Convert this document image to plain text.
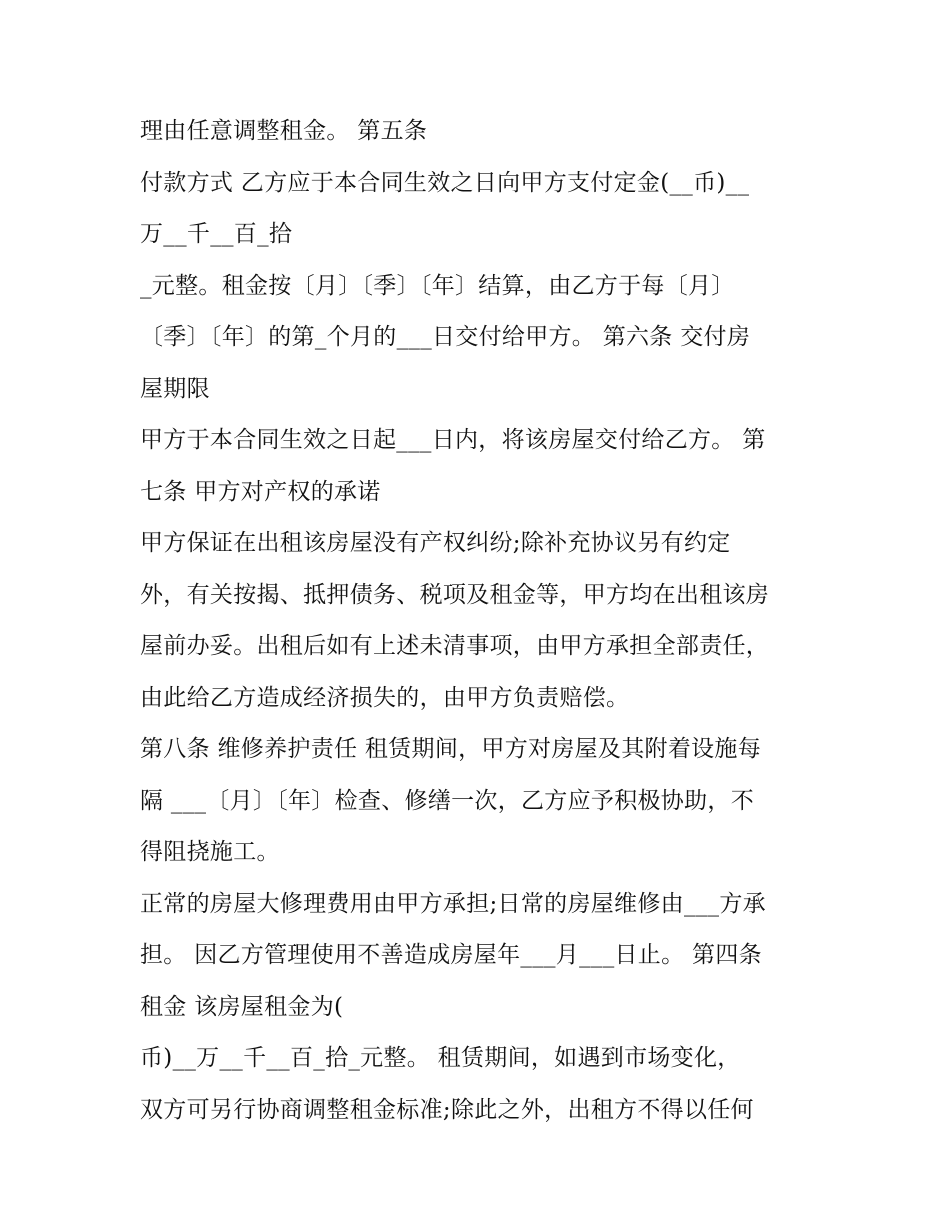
理由任意调整租金。 第五条
付款方式 乙方应于本合同生效之日向甲方支付定金(__币)__
万__千__百_拾
_元整。租金按〔月〕〔季〕〔年〕结算，由乙方于每〔月〕
〔季〕〔年〕的第_个月的___日交付给甲方。 第六条 交付房
屋期限
甲方于本合同生效之日起___日内，将该房屋交付给乙方。 第
七条 甲方对产权的承诺
甲方保证在出租该房屋没有产权纠纷;除补充协议另有约定
外，有关按揭、抵押债务、税项及租金等，甲方均在出租该房
屋前办妥。出租后如有上述未清事项，由甲方承担全部责任，
由此给乙方造成经济损失的，由甲方负责赔偿。
第八条 维修养护责任 租赁期间，甲方对房屋及其附着设施每
隔 ___〔月〕〔年〕检查、修缮一次，乙方应予积极协助，不
得阻挠施工。
正常的房屋大修理费用由甲方承担;日常的房屋维修由___方承
担。 因乙方管理使用不善造成房屋年___月___日止。 第四条
租金 该房屋租金为(
币)__万__千__百_拾_元整。 租赁期间，如遇到市场变化，
双方可另行协商调整租金标准;除此之外，出租方不得以任何
